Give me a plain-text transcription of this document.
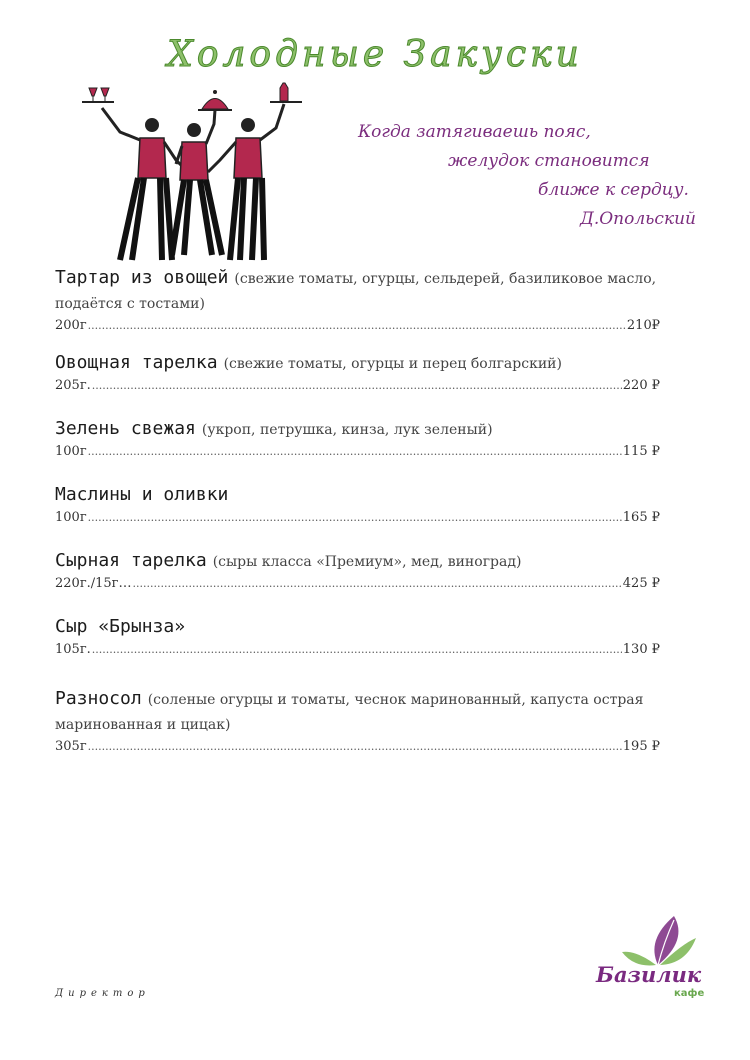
Холодные Закуски
Когда затягиваешь пояс,
желудок становится
ближе к сердцу.
Д.Опольский
Тартар из овощей (свежие томаты, огурцы, сельдерей, базиликовое масло, подаётся с тостами)
200г .....	210₽
Овощная тарелка (свежие томаты, огурцы и перец болгарский)
205г. .....	220 ₽
Зелень свежая (укроп, петрушка, кинза, лук зеленый)
100г .....	115 ₽
Маслины и оливки
100г .....	165 ₽
Сырная тарелка (сыры класса «Премиум», мед, виноград)
220г./15г… .....	425 ₽
Сыр «Брынза»
105г. .....	130 ₽
Разносол (соленые огурцы и томаты, чеснок маринованный, капуста острая маринованная и цицак)
305г .....	195 ₽
Директор
Базилик
кафе
